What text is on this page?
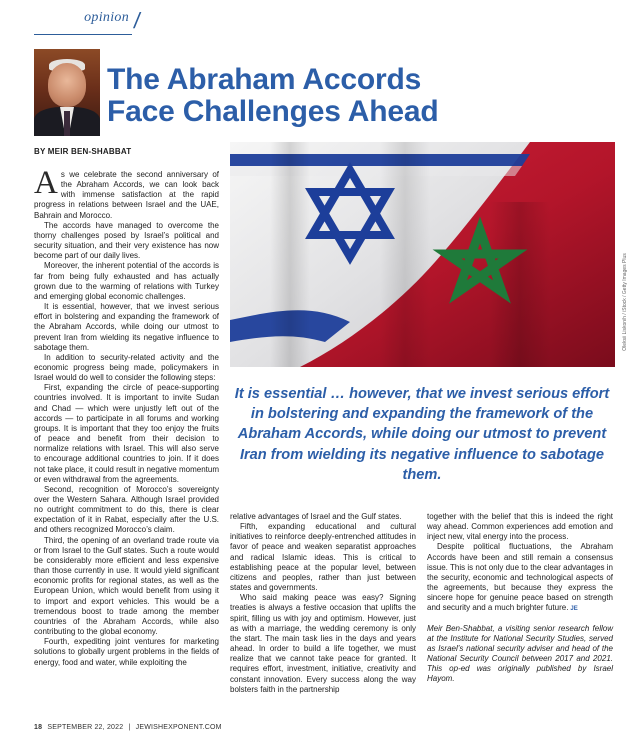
opinion /
The Abraham Accords
Face Challenges Ahead
BY MEIR BEN-SHABBAT

As we celebrate the second anniversary of the Abraham Accords, we can look back with immense satisfaction at the rapid progress in relations between Israel and the UAE, Bahrain and Morocco.

The accords have managed to overcome the thorny challenges posed by Israel’s political and security situation, and their very existence has now become part of our daily lives.

Moreover, the inherent potential of the accords is far from being fully exhausted and has actually grown due to the warming of relations with Turkey and emerging global economic challenges.

It is essential, however, that we invest serious effort in bolstering and expanding the framework of the Abraham Accords, while doing our utmost to prevent Iran from wielding its negative influence to sabotage them.

In addition to security-related activity and the economic progress being made, policymakers in Israel would do well to consider the following steps:

First, expanding the circle of peace-supporting countries involved. It is important to invite Sudan and Chad — which were unjustly left out of the accords — to participate in all forums and working groups. It is important that they too enjoy the fruits of peace and benefit from their decision to normalize relations with Israel. This will also serve to encourage additional countries to join. If it does not take place, it could result in negative momentum or even withdrawal from the agreements.

Second, recognition of Morocco’s sovereignty over the Western Sahara. Although Israel provided no outright commitment to do this, there is clear expectation of it in Rabat, especially after the U.S. and others recognized Morocco’s claim.

Third, the opening of an overland trade route via or from Israel to the Gulf states. Such a route would be considerably more efficient and less expensive than those currently in use. It would yield significant economic profits for regional states, as well as the European Union, which would benefit from using it to import and export vehicles. This would be a tremendous boost to trade among the member countries of the Abraham Accords, while also contributing to the global economy.

Fourth, expediting joint ventures for marketing solutions to globally urgent problems in the fields of energy, food and water, while exploiting the

Oleksii Liskonih / iStock / Getty Images Plus
It is essential … however, that we invest serious effort in bolstering and expanding the framework of the Abraham Accords, while doing our utmost to prevent Iran from wielding its negative influence to sabotage them.

relative advantages of Israel and the Gulf states.

Fifth, expanding educational and cultural initiatives to reinforce deeply-entrenched attitudes in favor of peace and weaken separatist approaches and radical Islamic ideas. This is critical to establishing peace at the popular level, between citizens and peoples, rather than just between states and governments.

Who said making peace was easy? Signing treaties is always a festive occasion that uplifts the spirit, filling us with joy and optimism. However, just as with a marriage, the wedding ceremony is only the start. The main task lies in the days and years ahead. In order to build a life together, we must realize that we cannot take peace for granted. It requires effort, investment, initiative, creativity and constant innovation. Every success along the way bolsters faith in the partnership

together with the belief that this is indeed the right way ahead. Common experiences add emotion and inject new, vital energy into the process.

Despite political fluctuations, the Abraham Accords have been and still remain a consensus issue. This is not only due to the clear advantages in the security, economic and technological aspects of the agreements, but because they express the sincere hope for genuine peace based on strength and security and a much brighter future. JE

Meir Ben-Shabbat, a visiting senior research fellow at the Institute for National Security Studies, served as Israel’s national security adviser and head of the National Security Council between 2017 and 2021. This op-ed was originally published by Israel Hayom.

18 SEPTEMBER 22, 2022 | JEWISHEXPONENT.COM
